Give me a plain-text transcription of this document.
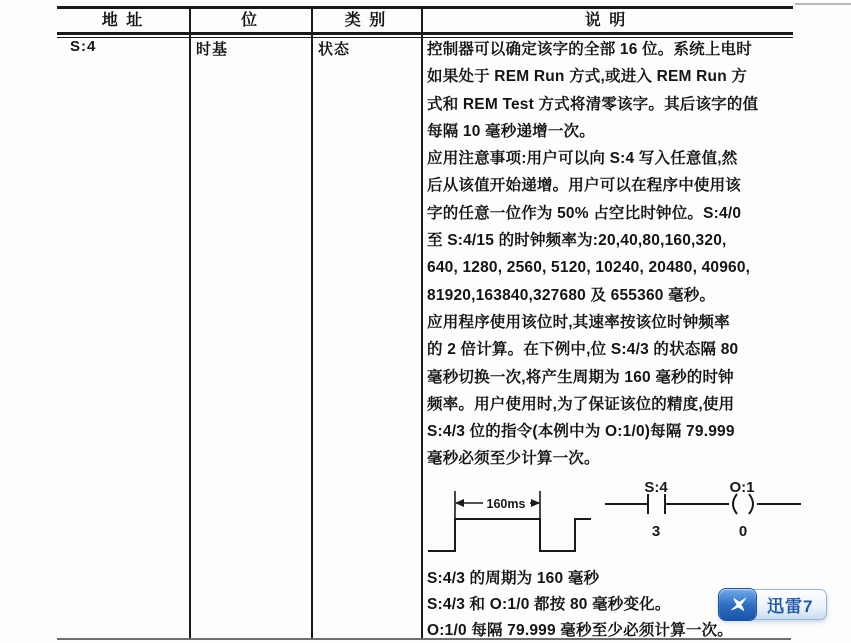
地 址	位	类 别	说 明
S:4	时基	状态	控制器可以确定该字的全部 16 位。系统上电时
如果处于 REM Run 方式,或进入 REM Run 方
式和 REM Test 方式将清零该字。其后该字的值
每隔 10 毫秒递增一次。
应用注意事项:用户可以向 S:4 写入任意值,然
后从该值开始递增。用户可以在程序中使用该
字的任意一位作为 50% 占空比时钟位。S:4/0
至 S:4/15 的时钟频率为:20,40,80,160,320,
640, 1280, 2560, 5120, 10240, 20480, 40960,
81920,163840,327680 及 655360 毫秒。
应用程序使用该位时,其速率按该位时钟频率
的 2 倍计算。在下例中,位 S:4/3 的状态隔 80
毫秒切换一次,将产生周期为 160 毫秒的时钟
频率。用户使用时,为了保证该位的精度,使用
S:4/3 位的指令(本例中为 O:1/0)每隔 79.999
毫秒必须至少计算一次。
160ms
S:4	O:1
3	0
S:4/3 的周期为 160 毫秒
S:4/3 和 O:1/0 都按 80 毫秒变化。
O:1/0 每隔 79.999 毫秒至少必须计算一次。
迅雷7
